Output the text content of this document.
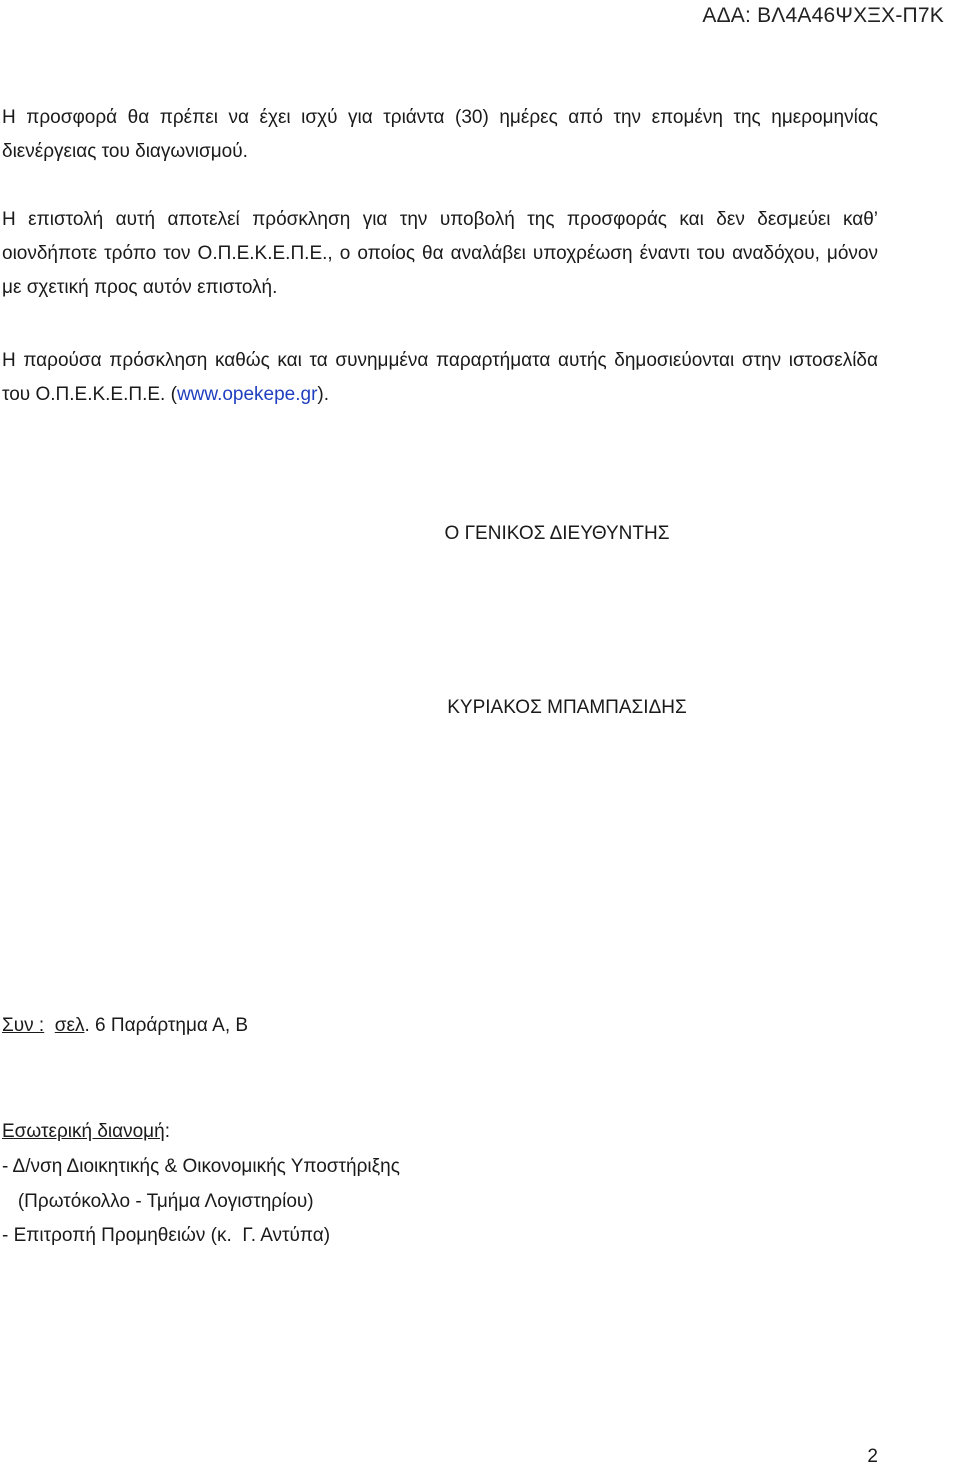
ΑΔΑ: ΒΛ4Α46ΨΧΞΧ-Π7Κ

Η προσφορά θα πρέπει να έχει ισχύ για τριάντα (30) ημέρες από την επομένη της ημερομηνίας διενέργειας του διαγωνισμού.

Η επιστολή αυτή αποτελεί πρόσκληση για την υποβολή της προσφοράς και δεν δεσμεύει καθ’ οιονδήποτε τρόπο τον Ο.Π.Ε.Κ.Ε.Π.Ε., ο οποίος θα αναλάβει υποχρέωση έναντι του αναδόχου, μόνον με σχετική προς αυτόν επιστολή.

Η παρούσα πρόσκληση καθώς και τα συνημμένα παραρτήματα αυτής δημοσιεύονται στην ιστοσελίδα του Ο.Π.Ε.Κ.Ε.Π.Ε. (www.opekepe.gr).

Ο ΓΕΝΙΚΟΣ ΔΙΕΥΘΥΝΤΗΣ
ΚΥΡΙΑΚΟΣ ΜΠΑΜΠΑΣΙΔΗΣ
Συν : σελ. 6 Παράρτημα Α, Β
Εσωτερική διανομή:
- Δ/νση Διοικητικής & Οικονομικής Υποστήριξης
(Πρωτόκολλο - Τμήμα Λογιστηρίου)
- Επιτροπή Προμηθειών (κ.  Γ. Αντύπα)
2
